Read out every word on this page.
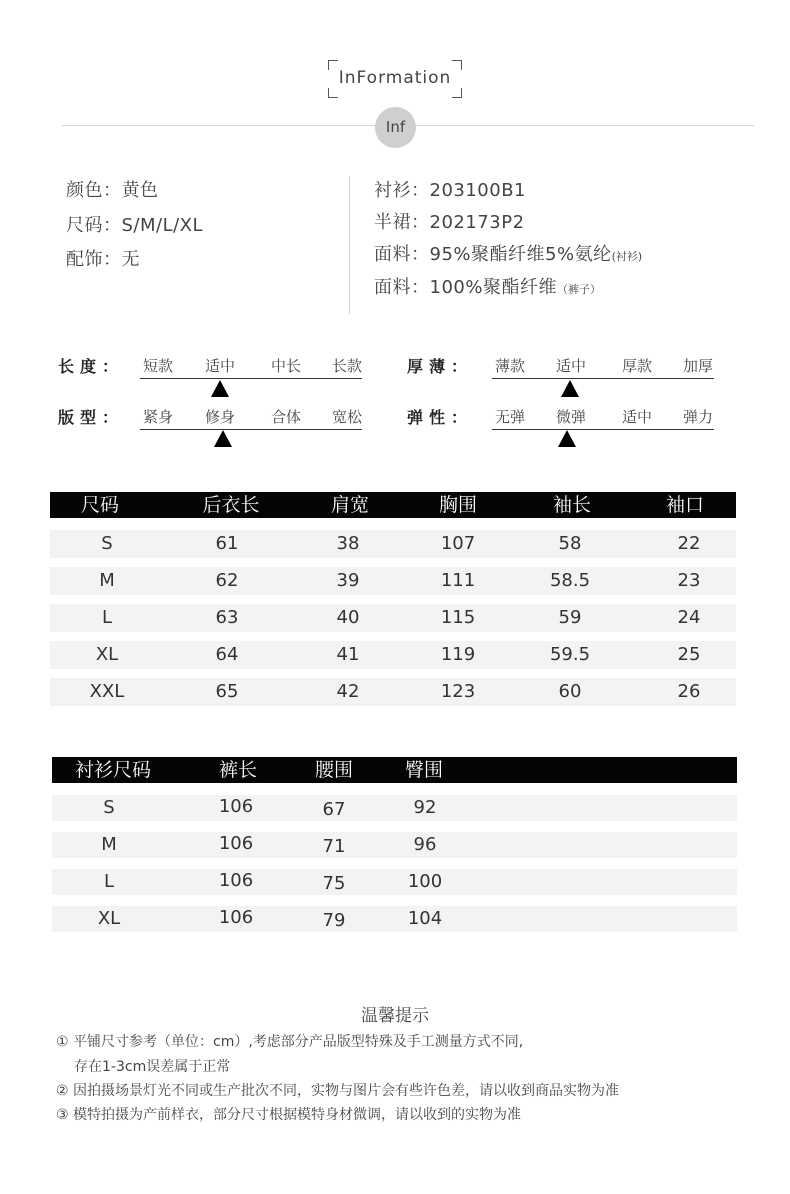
InFormation
Inf
颜色：黄色
尺码：S/M/L/XL
配饰：无
衬衫：203100B1
半裙：202173P2
面料：95%聚酯纤维5%氨纶(衬衫)
面料：100%聚酯纤维（裤子）
长度：	短款	适中	中长	长款	厚薄：	薄款	适中	厚款	加厚
版型：	紧身	修身	合体	宽松	弹性：	无弹	微弹	适中	弹力
尺码	后衣长	肩宽	胸围	袖长	袖口
S	61	38	107	58	22
M	62	39	111	58.5	23
L	63	40	115	59	24
XL	64	41	119	59.5	25
XXL	65	42	123	60	26
衬衫尺码	裤长	腰围	臀围
S	106	67	92
M	106	71	96
L	106	75	100
XL	106	79	104
温馨提示
① 平铺尺寸参考（单位：cm）,考虑部分产品版型特殊及手工测量方式不同,
存在1-3cm误差属于正常
② 因拍摄场景灯光不同或生产批次不同，实物与图片会有些许色差，请以收到商品实物为准
③ 模特拍摄为产前样衣，部分尺寸根据模特身材微调，请以收到的实物为准
